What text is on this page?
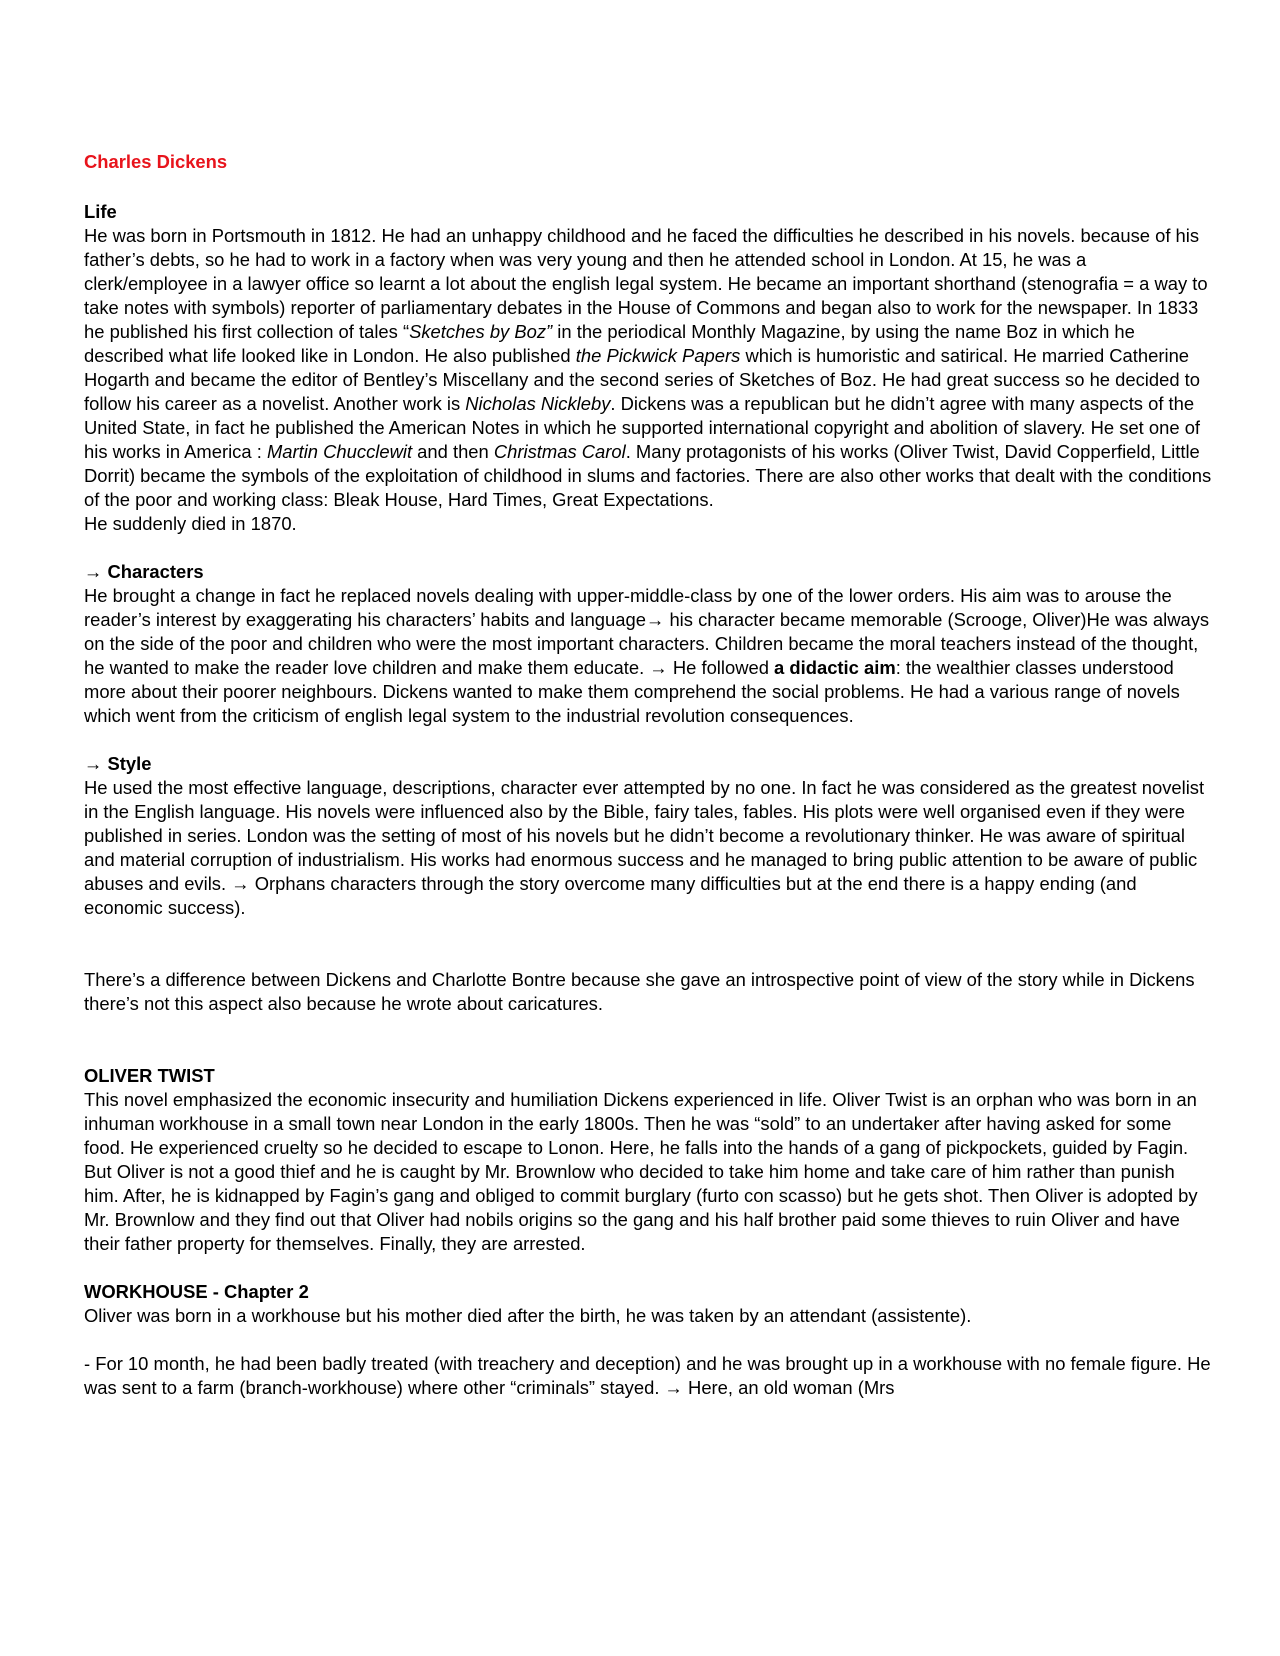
Charles Dickens
Life

He was born in Portsmouth in 1812. He had an unhappy childhood and he faced the difficulties he described in his novels. because of his father’s debts, so he had to work in a factory when was very young and then he attended school in London. At 15, he was a clerk/employee in a lawyer office so learnt a lot about the english legal system. He became an important shorthand (stenografia = a way to take notes with symbols) reporter of parliamentary debates in the House of Commons and began also to work for the newspaper. In 1833 he published his first collection of tales “Sketches by Boz” in the periodical Monthly Magazine, by using the name Boz in which he described what life looked like in London. He also published the Pickwick Papers which is humoristic and satirical. He married Catherine Hogarth and became the editor of Bentley’s Miscellany and the second series of Sketches of Boz. He had great success so he decided to follow his career as a novelist. Another work is Nicholas Nickleby. Dickens was a republican but he didn’t agree with many aspects of the United State, in fact he published the American Notes in which he supported international copyright and abolition of slavery. He set one of his works in America : Martin Chucclewit and then Christmas Carol. Many protagonists of his works (Oliver Twist, David Copperfield, Little Dorrit) became the symbols of the exploitation of childhood in slums and factories. There are also other works that dealt with the conditions of the poor and working class: Bleak House, Hard Times, Great Expectations.

He suddenly died in 1870.

→ Characters

He brought a change in fact he replaced novels dealing with upper-middle-class by one of the lower orders. His aim was to arouse the reader’s interest by exaggerating his characters’ habits and language→ his character became memorable (Scrooge, Oliver)He was always on the side of the poor and children who were the most important characters. Children became the moral teachers instead of the thought, he wanted to make the reader love children and make them educate. → He followed a didactic aim: the wealthier classes understood more about their poorer neighbours. Dickens wanted to make them comprehend the social problems. He had a various range of novels which went from the criticism of english legal system to the industrial revolution consequences.

→ Style

He used the most effective language, descriptions, character ever attempted by no one. In fact he was considered as the greatest novelist in the English language. His novels were influenced also by the Bible, fairy tales, fables. His plots were well organised even if they were published in series. London was the setting of most of his novels but he didn’t become a revolutionary thinker. He was aware of spiritual and material corruption of industrialism. His works had enormous success and he managed to bring public attention to be aware of public abuses and evils. → Orphans characters through the story overcome many difficulties but at the end there is a happy ending (and economic success).

There’s a difference between Dickens and Charlotte Bontre because she gave an introspective point of view of the story while in Dickens there’s not this aspect also because he wrote about caricatures.

OLIVER TWIST

This novel emphasized the economic insecurity and humiliation Dickens experienced in life. Oliver Twist is an orphan who was born in an inhuman workhouse in a small town near London in the early 1800s. Then he was “sold” to an undertaker after having asked for some food. He experienced cruelty so he decided to escape to Lonon. Here, he falls into the hands of a gang of pickpockets, guided by Fagin. But Oliver is not a good thief and he is caught by Mr. Brownlow who decided to take him home and take care of him rather than punish him. After, he is kidnapped by Fagin’s gang and obliged to commit burglary (furto con scasso) but he gets shot. Then Oliver is adopted by Mr. Brownlow and they find out that Oliver had nobils origins so the gang and his half brother paid some thieves to ruin Oliver and have their father property for themselves. Finally, they are arrested.

WORKHOUSE - Chapter 2

Oliver was born in a workhouse but his mother died after the birth, he was taken by an attendant (assistente).

- For 10 month, he had been badly treated (with treachery and deception) and he was brought up in a workhouse with no female figure. He was sent to a farm (branch-workhouse) where other “criminals” stayed. → Here, an old woman (Mrs
